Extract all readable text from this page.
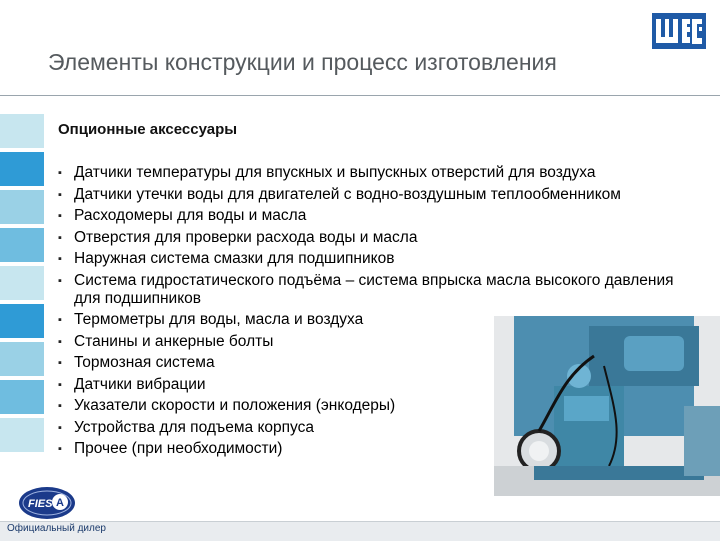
Элементы конструкции и процесс изготовления
Опционные аксессуары
▪ Датчики температуры для впускных и выпускных отверстий для воздуха
▪ Датчики утечки воды для двигателей с водно-воздушным теплообменником
▪ Расходомеры для воды и масла
▪ Отверстия для проверки расхода воды и масла
▪ Наружная система смазки для подшипников
▪ Система гидростатического подъёма – система впрыска масла высокого давления для подшипников
▪ Термометры для воды, масла и воздуха
▪ Станины и анкерные болты
▪ Тормозная система
▪ Датчики вибрации
▪ Указатели скорости и положения (энкодеры)
▪ Устройства для подъема корпуса
▪ Прочее (при необходимости)
FIES A
Официальный дилер
